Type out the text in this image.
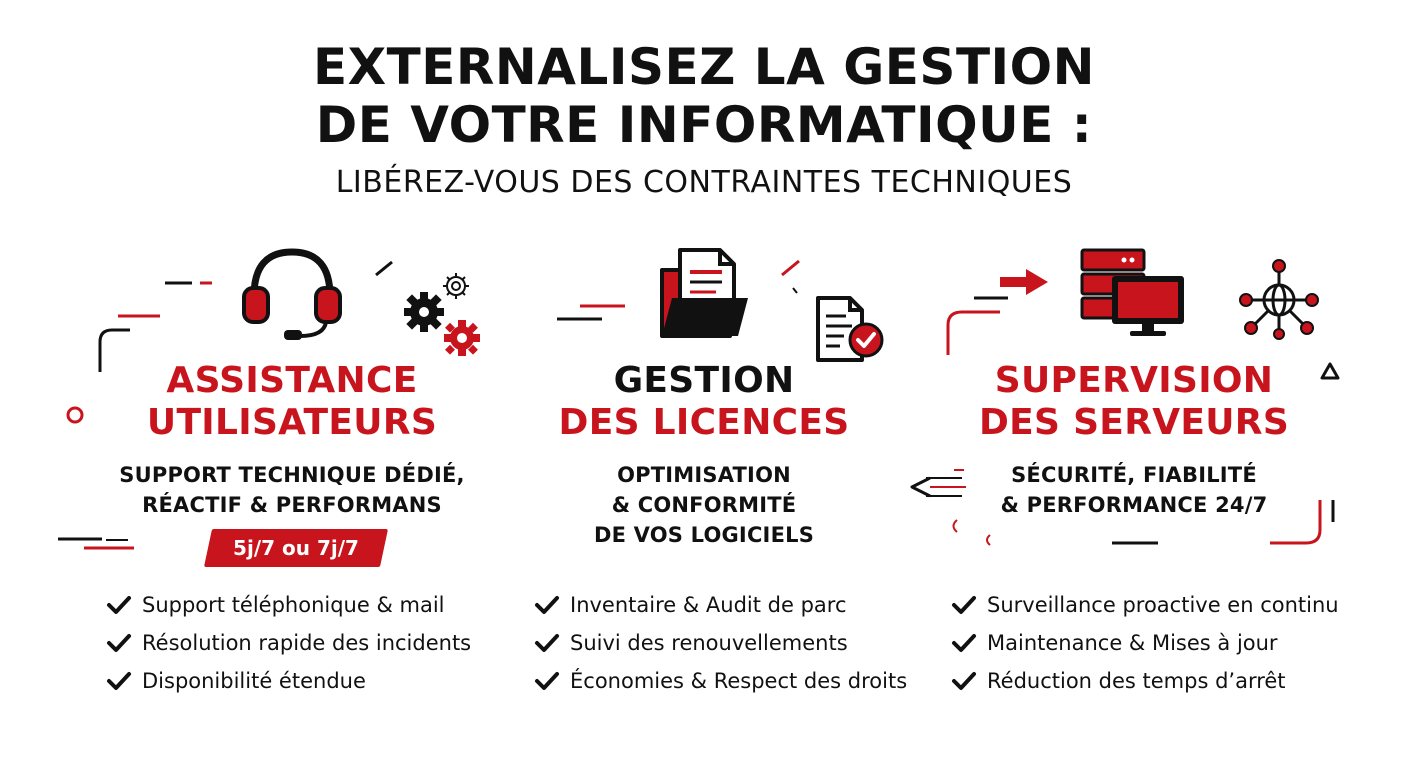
EXTERNALISEZ LA GESTION
DE VOTRE INFORMATIQUE :
LIBÉREZ-VOUS DES CONTRAINTES TECHNIQUES
ASSISTANCE
UTILISATEURS
SUPPORT TECHNIQUE DÉDIÉ,
RÉACTIF & PERFORMANS
5j/7 ou 7j/7
GESTION
DES LICENCES
OPTIMISATION
& CONFORMITÉ
DE VOS LOGICIELS
SUPERVISION
DES SERVEURS
SÉCURITÉ, FIABILITÉ
& PERFORMANCE 24/7
Support téléphonique & mail
Résolution rapide des incidents
Disponibilité étendue
Inventaire & Audit de parc
Suivi des renouvellements
Économies & Respect des droits
Surveillance proactive en continu
Maintenance & Mises à jour
Réduction des temps d’arrêt
